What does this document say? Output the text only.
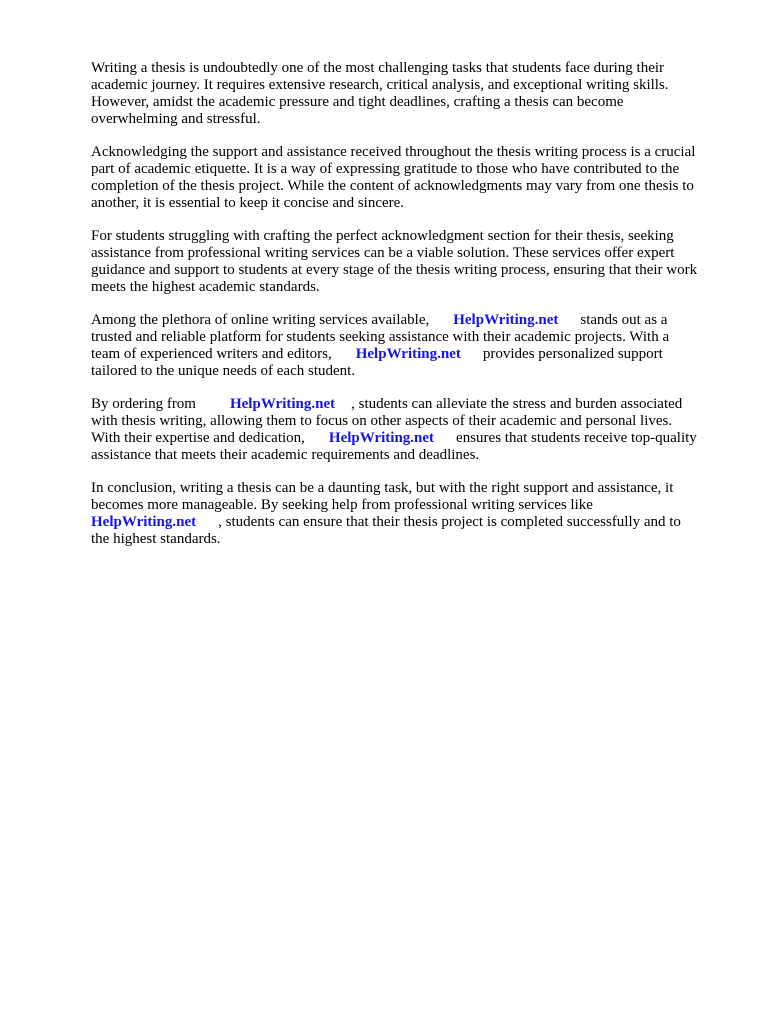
Writing a thesis is undoubtedly one of the most challenging tasks that students face during their
academic journey. It requires extensive research, critical analysis, and exceptional writing skills.
However, amidst the academic pressure and tight deadlines, crafting a thesis can become
overwhelming and stressful.

Acknowledging the support and assistance received throughout the thesis writing process is a crucial
part of academic etiquette. It is a way of expressing gratitude to those who have contributed to the
completion of the thesis project. While the content of acknowledgments may vary from one thesis to
another, it is essential to keep it concise and sincere.

For students struggling with crafting the perfect acknowledgment section for their thesis, seeking
assistance from professional writing services can be a viable solution. These services offer expert
guidance and support to students at every stage of the thesis writing process, ensuring that their work
meets the highest academic standards.

Among the plethora of online writing services available, HelpWriting.net stands out as a
trusted and reliable platform for students seeking assistance with their academic projects. With a
team of experienced writers and editors, HelpWriting.net provides personalized support
tailored to the unique needs of each student.

By ordering from HelpWriting.net , students can alleviate the stress and burden associated
with thesis writing, allowing them to focus on other aspects of their academic and personal lives.
With their expertise and dedication, HelpWriting.net ensures that students receive top-quality
assistance that meets their academic requirements and deadlines.

In conclusion, writing a thesis can be a daunting task, but with the right support and assistance, it
becomes more manageable. By seeking help from professional writing services like
HelpWriting.net , students can ensure that their thesis project is completed successfully and to
the highest standards.
